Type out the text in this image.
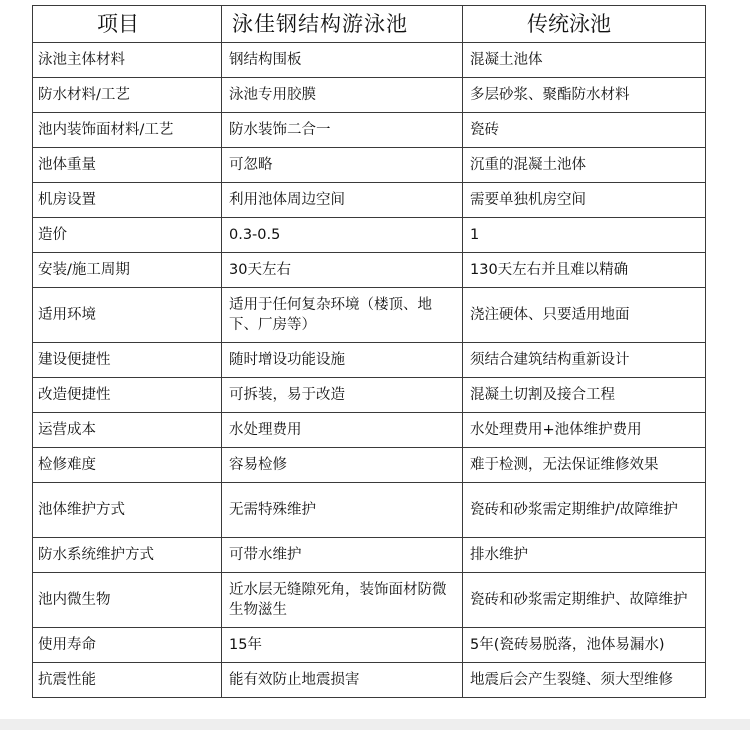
项目	泳佳钢结构游泳池	传统泳池
泳池主体材料	钢结构围板	混凝土池体
防水材料/工艺	泳池专用胶膜	多层砂浆、聚酯防水材料
池内装饰面材料/工艺	防水装饰二合一	瓷砖
池体重量	可忽略	沉重的混凝土池体
机房设置	利用池体周边空间	需要单独机房空间
造价	0.3-0.5	1
安装/施工周期	30天左右	130天左右并且难以精确
适用环境	适用于任何复杂环境（楼顶、地下、厂房等）	浇注硬体、只要适用地面
建设便捷性	随时增设功能设施	须结合建筑结构重新设计
改造便捷性	可拆装，易于改造	混凝土切割及接合工程
运营成本	水处理费用	水处理费用+池体维护费用
检修难度	容易检修	难于检测，无法保证维修效果
池体维护方式	无需特殊维护	瓷砖和砂浆需定期维护/故障维护
防水系统维护方式	可带水维护	排水维护
池内微生物	近水层无缝隙死角，装饰面材防微生物滋生	瓷砖和砂浆需定期维护、故障维护
使用寿命	15年	5年(瓷砖易脱落，池体易漏水)
抗震性能	能有效防止地震损害	地震后会产生裂缝、须大型维修
